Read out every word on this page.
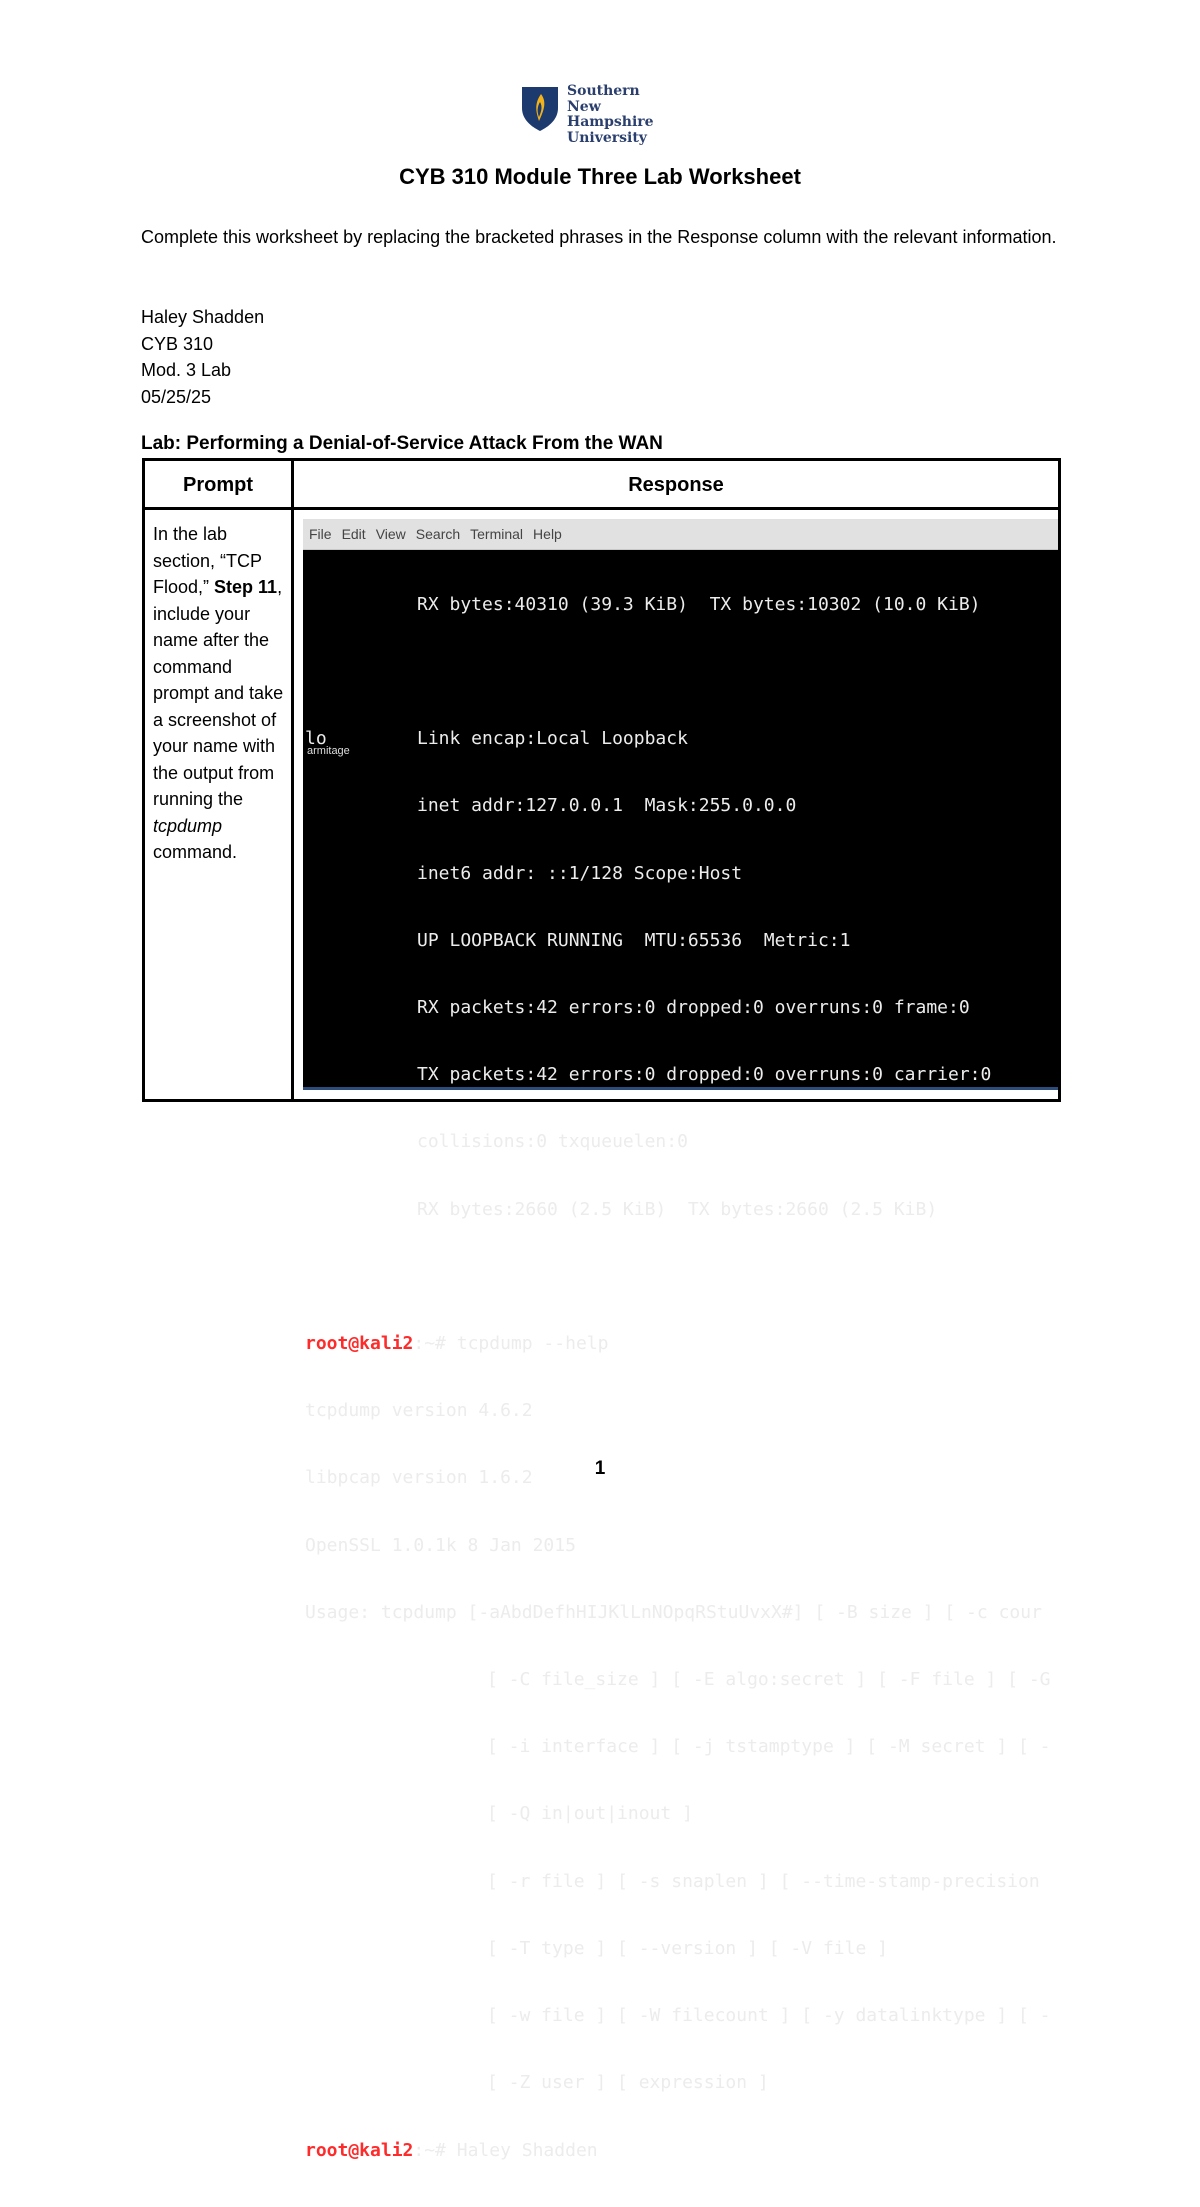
Southern
New Hampshire
University
CYB 310 Module Three Lab Worksheet
Complete this worksheet by replacing the bracketed phrases in the Response column with the relevant information.
Haley Shadden
CYB 310
Mod. 3 Lab
05/25/25
Lab: Performing a Denial-of-Service Attack From the WAN
Prompt	Response
In the lab section, “TCP Flood,” Step 11, include your name after the command prompt and take a screenshot of your name with the output from running the tcpdump command.
File Edit View Search Terminal Help

RX bytes:40310 (39.3 KiB)  TX bytes:10302 (10.0 KiB)

lo	Link encap:Local Loopback

inet addr:127.0.0.1  Mask:255.0.0.0

inet6 addr: ::1/128 Scope:Host

UP LOOPBACK RUNNING  MTU:65536  Metric:1

RX packets:42 errors:0 dropped:0 overruns:0 frame:0

TX packets:42 errors:0 dropped:0 overruns:0 carrier:0

collisions:0 txqueuelen:0

RX bytes:2660 (2.5 KiB)  TX bytes:2660 (2.5 KiB)

root@kali2:~# tcpdump --help

tcpdump version 4.6.2

libpcap version 1.6.2

OpenSSL 1.0.1k 8 Jan 2015

Usage: tcpdump [-aAbdDefhHIJKlLnNOpqRStuUvxX#] [ -B size ] [ -c cour

[ -C file_size ] [ -E algo:secret ] [ -F file ] [ -G

[ -i interface ] [ -j tstamptype ] [ -M secret ] [ -

[ -Q in|out|inout ]

[ -r file ] [ -s snaplen ] [ --time-stamp-precision

[ -T type ] [ --version ] [ -V file ]

[ -w file ] [ -W filecount ] [ -y datalinktype ] [ -

[ -Z user ] [ expression ]

root@kali2:~# Haley Shadden

armitage
1
